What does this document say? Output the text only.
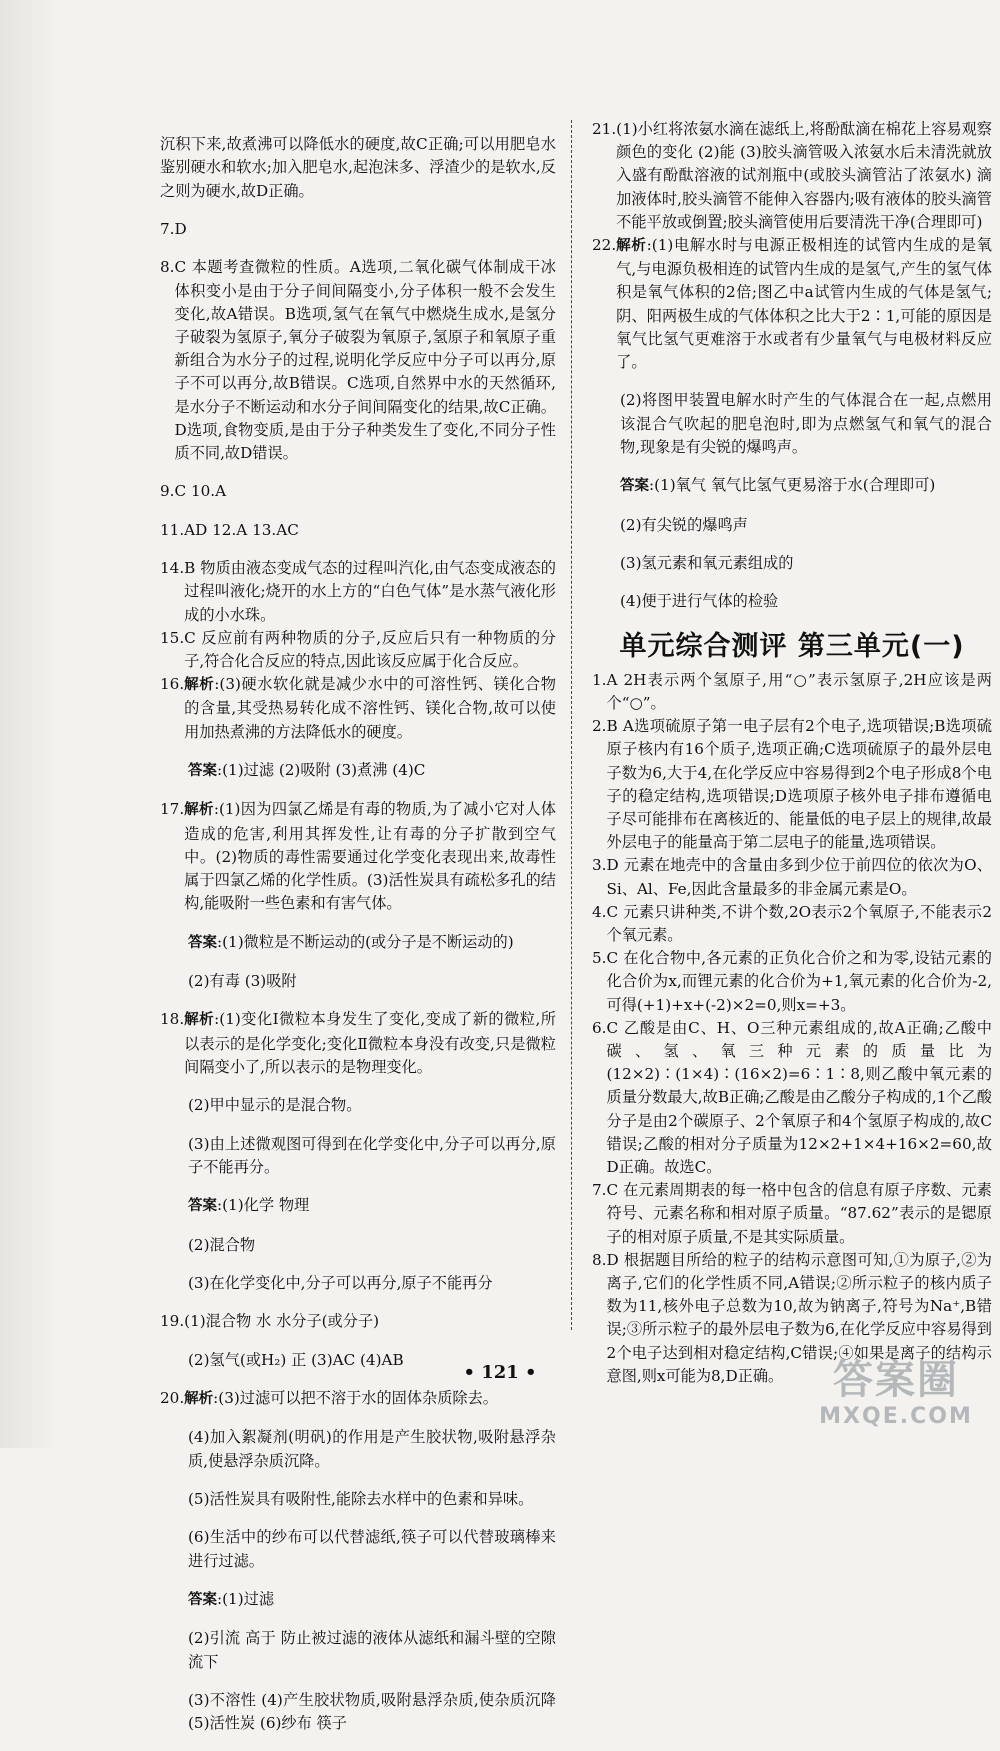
沉积下来,故煮沸可以降低水的硬度,故C正确;可以用肥皂水鉴别硬水和软水;加入肥皂水,起泡沫多、浮渣少的是软水,反之则为硬水,故D正确。

7.D

8. C 本题考查微粒的性质。A选项,二氧化碳气体制成干冰体积变小是由于分子间间隔变小,分子体积一般不会发生变化,故A错误。B选项,氢气在氧气中燃烧生成水,是氢分子破裂为氢原子,氧分子破裂为氧原子,氢原子和氧原子重新组合为水分子的过程,说明化学反应中分子可以再分,原子不可以再分,故B错误。C选项,自然界中水的天然循环,是水分子不断运动和水分子间间隔变化的结果,故C正确。D选项,食物变质,是由于分子种类发生了变化,不同分子性质不同,故D错误。

9.C 10.A

11.AD 12.A 13.AC

14. B 物质由液态变成气态的过程叫汽化,由气态变成液态的过程叫液化;烧开的水上方的“白色气体”是水蒸气液化形成的小水珠。
15. C 反应前有两种物质的分子,反应后只有一种物质的分子,符合化合反应的特点,因此该反应属于化合反应。
16. 解析:(3)硬水软化就是减少水中的可溶性钙、镁化合物的含量,其受热易转化成不溶性钙、镁化合物,故可以使用加热煮沸的方法降低水的硬度。

答案:(1)过滤 (2)吸附 (3)煮沸 (4)C

17. 解析:(1)因为四氯乙烯是有毒的物质,为了减小它对人体造成的危害,利用其挥发性,让有毒的分子扩散到空气中。(2)物质的毒性需要通过化学变化表现出来,故毒性属于四氯乙烯的化学性质。(3)活性炭具有疏松多孔的结构,能吸附一些色素和有害气体。

答案:(1)微粒是不断运动的(或分子是不断运动的)

(2)有毒 (3)吸附

18. 解析:(1)变化Ⅰ微粒本身发生了变化,变成了新的微粒,所以表示的是化学变化;变化Ⅱ微粒本身没有改变,只是微粒间隔变小了,所以表示的是物理变化。

(2)甲中显示的是混合物。

(3)由上述微观图可得到在化学变化中,分子可以再分,原子不能再分。

答案:(1)化学 物理

(2)混合物

(3)在化学变化中,分子可以再分,原子不能再分

19. (1)混合物 水 水分子(或分子)

(2)氢气(或H₂) 正 (3)AC (4)AB

20. 解析:(3)过滤可以把不溶于水的固体杂质除去。

(4)加入絮凝剂(明矾)的作用是产生胶状物,吸附悬浮杂质,使悬浮杂质沉降。

(5)活性炭具有吸附性,能除去水样中的色素和异味。

(6)生活中的纱布可以代替滤纸,筷子可以代替玻璃棒来进行过滤。

答案:(1)过滤

(2)引流 高于 防止被过滤的液体从滤纸和漏斗壁的空隙流下

(3)不溶性 (4)产生胶状物质,吸附悬浮杂质,使杂质沉降 (5)活性炭 (6)纱布 筷子

21. (1)小红将浓氨水滴在滤纸上,将酚酞滴在棉花上容易观察颜色的变化 (2)能 (3)胶头滴管吸入浓氨水后未清洗就放入盛有酚酞溶液的试剂瓶中(或胶头滴管沾了浓氨水) 滴加液体时,胶头滴管不能伸入容器内;吸有液体的胶头滴管不能平放或倒置;胶头滴管使用后要清洗干净(合理即可)
22. 解析:(1)电解水时与电源正极相连的试管内生成的是氧气,与电源负极相连的试管内生成的是氢气,产生的氢气体积是氧气体积的2倍;图乙中a试管内生成的气体是氢气;阴、阳两极生成的气体体积之比大于2∶1,可能的原因是氧气比氢气更难溶于水或者有少量氧气与电极材料反应了。

(2)将图甲装置电解水时产生的气体混合在一起,点燃用该混合气吹起的肥皂泡时,即为点燃氢气和氧气的混合物,现象是有尖锐的爆鸣声。

答案:(1)氧气 氧气比氢气更易溶于水(合理即可)

(2)有尖锐的爆鸣声

(3)氢元素和氧元素组成的

(4)便于进行气体的检验

单元综合测评 第三单元(一)
1. A 2H表示两个氢原子,用“○”表示氢原子,2H应该是两个“○”。
2. B A选项硫原子第一电子层有2个电子,选项错误;B选项硫原子核内有16个质子,选项正确;C选项硫原子的最外层电子数为6,大于4,在化学反应中容易得到2个电子形成8个电子的稳定结构,选项错误;D选项原子核外电子排布遵循电子尽可能排布在离核近的、能量低的电子层上的规律,故最外层电子的能量高于第二层电子的能量,选项错误。
3. D 元素在地壳中的含量由多到少位于前四位的依次为O、Si、Al、Fe,因此含量最多的非金属元素是O。
4. C 元素只讲种类,不讲个数,2O表示2个氧原子,不能表示2个氧元素。
5. C 在化合物中,各元素的正负化合价之和为零,设钴元素的化合价为x,而锂元素的化合价为+1,氧元素的化合价为-2,可得(+1)+x+(-2)×2=0,则x=+3。
6. C 乙酸是由C、H、O三种元素组成的,故A正确;乙酸中碳、氢、氧三种元素的质量比为(12×2)∶(1×4)∶(16×2)=6∶1∶8,则乙酸中氧元素的质量分数最大,故B正确;乙酸是由乙酸分子构成的,1个乙酸分子是由2个碳原子、2个氧原子和4个氢原子构成的,故C错误;乙酸的相对分子质量为12×2+1×4+16×2=60,故D正确。故选C。
7. C 在元素周期表的每一格中包含的信息有原子序数、元素符号、元素名称和相对原子质量。“87.62”表示的是锶原子的相对原子质量,不是其实际质量。
8. D 根据题目所给的粒子的结构示意图可知,①为原子,②为离子,它们的化学性质不同,A错误;②所示粒子的核内质子数为11,核外电子总数为10,故为钠离子,符号为Na⁺,B错误;③所示粒子的最外层电子数为6,在化学反应中容易得到2个电子达到相对稳定结构,C错误;④如果是离子的结构示意图,则x可能为8,D正确。
• 121 •	答案圈
MXQE.COM
